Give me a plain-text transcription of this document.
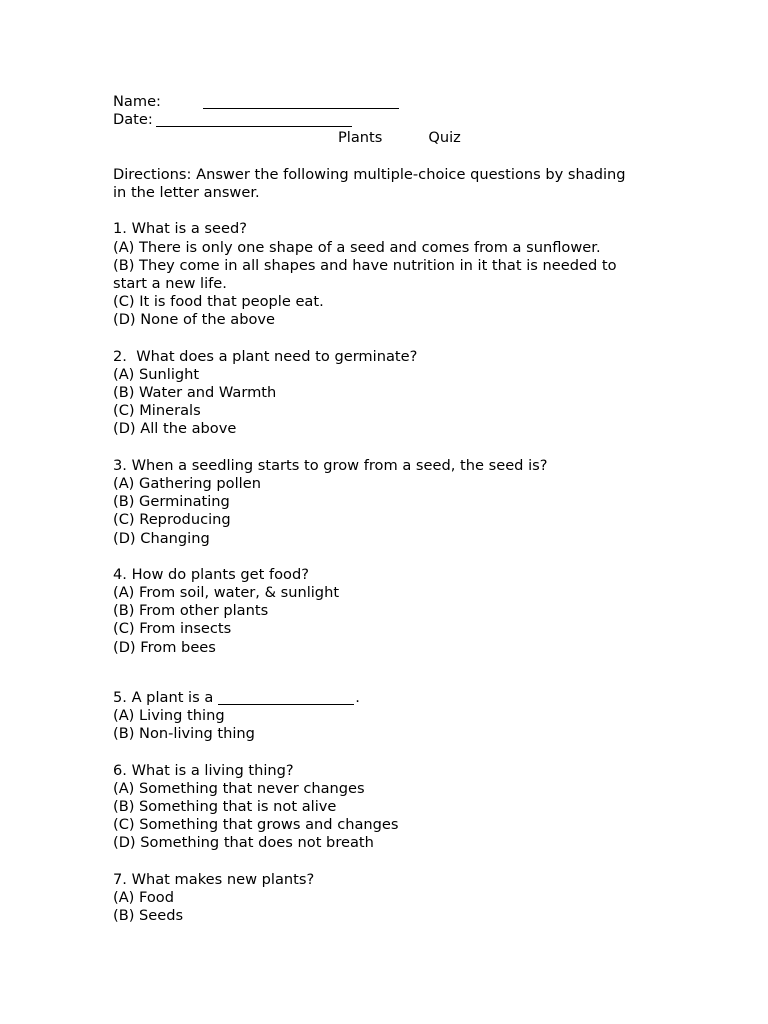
Name:
Date:
Plants	Quiz
Directions: Answer the following multiple-choice questions by shading
in the letter answer.
1. What is a seed?
(A) There is only one shape of a seed and comes from a sunflower.
(B) They come in all shapes and have nutrition in it that is needed to
start a new life.
(C) It is food that people eat.
(D) None of the above
2.  What does a plant need to germinate?
(A) Sunlight
(B) Water and Warmth
(C) Minerals
(D) All the above
3. When a seedling starts to grow from a seed, the seed is?
(A) Gathering pollen
(B) Germinating
(C) Reproducing
(D) Changing
4. How do plants get food?
(A) From soil, water, & sunlight
(B) From other plants
(C) From insects
(D) From bees
5. A plant is a	.
(A) Living thing
(B) Non-living thing
6. What is a living thing?
(A) Something that never changes
(B) Something that is not alive
(C) Something that grows and changes
(D) Something that does not breath
7. What makes new plants?
(A) Food
(B) Seeds
